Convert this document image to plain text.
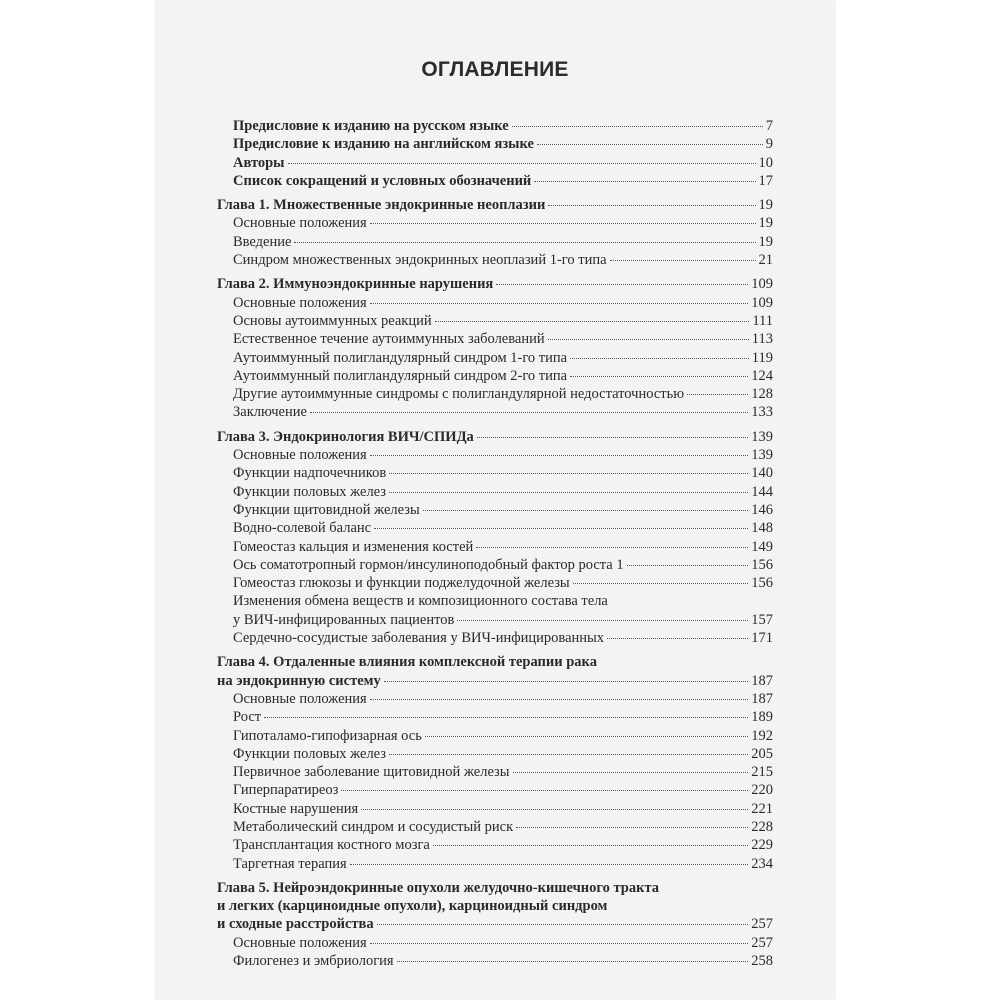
ОГЛАВЛЕНИЕ
Предисловие к изданию на русском языке	7
Предисловие к изданию на английском языке	9
Авторы	10
Список сокращений и условных обозначений	17
Глава 1. Множественные эндокринные неоплазии	19
Основные положения	19
Введение	19
Синдром множественных эндокринных неоплазий 1-го типа	21
Глава 2. Иммуноэндокринные нарушения	109
Основные положения	109
Основы аутоиммунных реакций	111
Естественное течение аутоиммунных заболеваний	113
Аутоиммунный полигландулярный синдром 1-го типа	119
Аутоиммунный полигландулярный синдром 2-го типа	124
Другие аутоиммунные синдромы с полигландулярной недостаточностью	128
Заключение	133
Глава 3. Эндокринология ВИЧ/СПИДа	139
Основные положения	139
Функции надпочечников	140
Функции половых желез	144
Функции щитовидной железы	146
Водно-солевой баланс	148
Гомеостаз кальция и изменения костей	149
Ось соматотропный гормон/инсулиноподобный фактор роста 1	156
Гомеостаз глюкозы и функции поджелудочной железы	156
Изменения обмена веществ и композиционного состава тела
у ВИЧ-инфицированных пациентов	157
Сердечно-сосудистые заболевания у ВИЧ-инфицированных	171
Глава 4. Отдаленные влияния комплексной терапии рака
на эндокринную систему	187
Основные положения	187
Рост	189
Гипоталамо-гипофизарная ось	192
Функции половых желез	205
Первичное заболевание щитовидной железы	215
Гиперпаратиреоз	220
Костные нарушения	221
Метаболический синдром и сосудистый риск	228
Трансплантация костного мозга	229
Таргетная терапия	234
Глава 5. Нейроэндокринные опухоли желудочно-кишечного тракта
и легких (карциноидные опухоли), карциноидный синдром
и сходные расстройства	257
Основные положения	257
Филогенез и эмбриология	258
